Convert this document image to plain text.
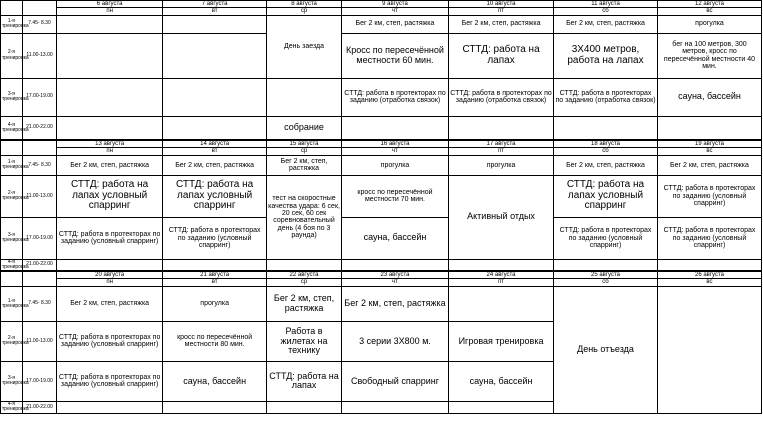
		6 августа	7 августа	8 августа	9 августа	10 августа	11 августа	12 августа
		пн	вт	ср	чт	пт	сб	вс
1-я тренировка	7.45- 8.30			День заезда	Бег 2 км, степ, растяжка	Бег 2 км, степ, растяжка	Бег 2 км, степ, растяжка	прогулка
2-я тренировка	11.00-13.00				Кросс по пересечённой местности 60 мин.	СТТД: работа на лапах	3Х400 метров, работа на лапах	бег на 100 метров, 300 метров, кросс по пересечённой местности 40 мин.
3-я тренировка	17.00-19.00				СТТД: работа в протекторах по заданию (отработка связок)	СТТД: работа в протекторах по заданию (отработка связок)	СТТД: работа в протекторах по заданию (отработка связок)	сауна, бассейн
4-я тренировка	21.00-22.00			собрание				
		13 августа	14 августа	15 августа	16 августа	17 августа	18 августа	19 августа
		пн	вт	ср	чт	пт	сб	вс
1-я тренировка	7.45- 8.30	Бег 2 км, степ, растяжка	Бег 2 км, степ, растяжка	Бег 2 км, степ, растяжка	прогулка	прогулка	Бег 2 км, степ, растяжка	Бег 2 км, степ, растяжка
2-я тренировка	11.00-13.00	СТТД: работа на лапах условный спарринг	СТТД: работа на лапах условный спарринг	тест на скоростные качества удара: 6 сек, 20 сек, 60 сек соревновательный день (4 боя по 3 раунда)	кросс по пересечённой местности 70 мин.	Активный отдых	СТТД: работа на лапах условный спарринг	СТТД: работа в протекторах по заданию (условный спарринг)
3-я тренировка	17.00-19.00	СТТД: работа в протекторах по заданию (условный спарринг)	СТТД: работа в протекторах по заданию (условный спарринг)		сауна, бассейн		СТТД: работа в протекторах по заданию (условный спарринг)	СТТД: работа в протекторах по заданию (условный спарринг)
4-я тренировка	21.00-22.00							
		20 августа	21 августа	22 августа	23 августа	24 августа	25 августа	26 августа
		пн	вт	ср	чт	пт	сб	вс
1-я тренировка	7.45- 8.30	Бег 2 км, степ, растяжка	прогулка	Бег 2 км, степ, растяжка	Бег 2 км, степ, растяжка		День отъезда	
2-я тренировка	11.00-13.00	СТТД: работа в протекторах по заданию (условный спарринг)	кросс по пересечённой местности 80 мин.	Работа в жилетах на технику	3 серии 3Х800 м.	Игровая тренировка		
3-я тренировка	17.00-19.00	СТТД: работа в протекторах по заданию (условный спарринг)	сауна, бассейн	СТТД: работа на лапах	Свободный спарринг	сауна, бассейн		
4-я тренировка	21.00-22.00							
